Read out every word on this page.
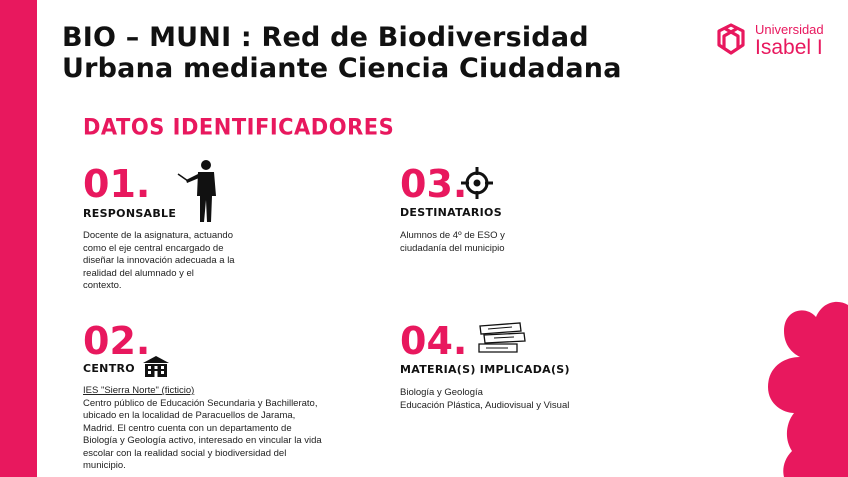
BIO – MUNI : Red de Biodiversidad
Urbana mediante Ciencia Ciudadana
Universidad
Isabel I
DATOS IDENTIFICADORES
01.
RESPONSABLE
Docente de la asignatura, actuando
como el eje central encargado de
diseñar la innovación adecuada a la
realidad del alumnado y el
contexto.
03.
DESTINATARIOS
Alumnos de 4º de ESO y
ciudadanía del municipio
02.
CENTRO
IES "Sierra Norte" (ficticio)
Centro público de Educación Secundaria y Bachillerato,
ubicado en la localidad de Paracuellos de Jarama,
Madrid. El centro cuenta con un departamento de
Biología y Geología activo, interesado en vincular la vida
escolar con la realidad social y biodiversidad del
municipio.
04.
MATERIA(S) IMPLICADA(S)
Biología y Geología
Educación Plástica, Audiovisual y Visual
